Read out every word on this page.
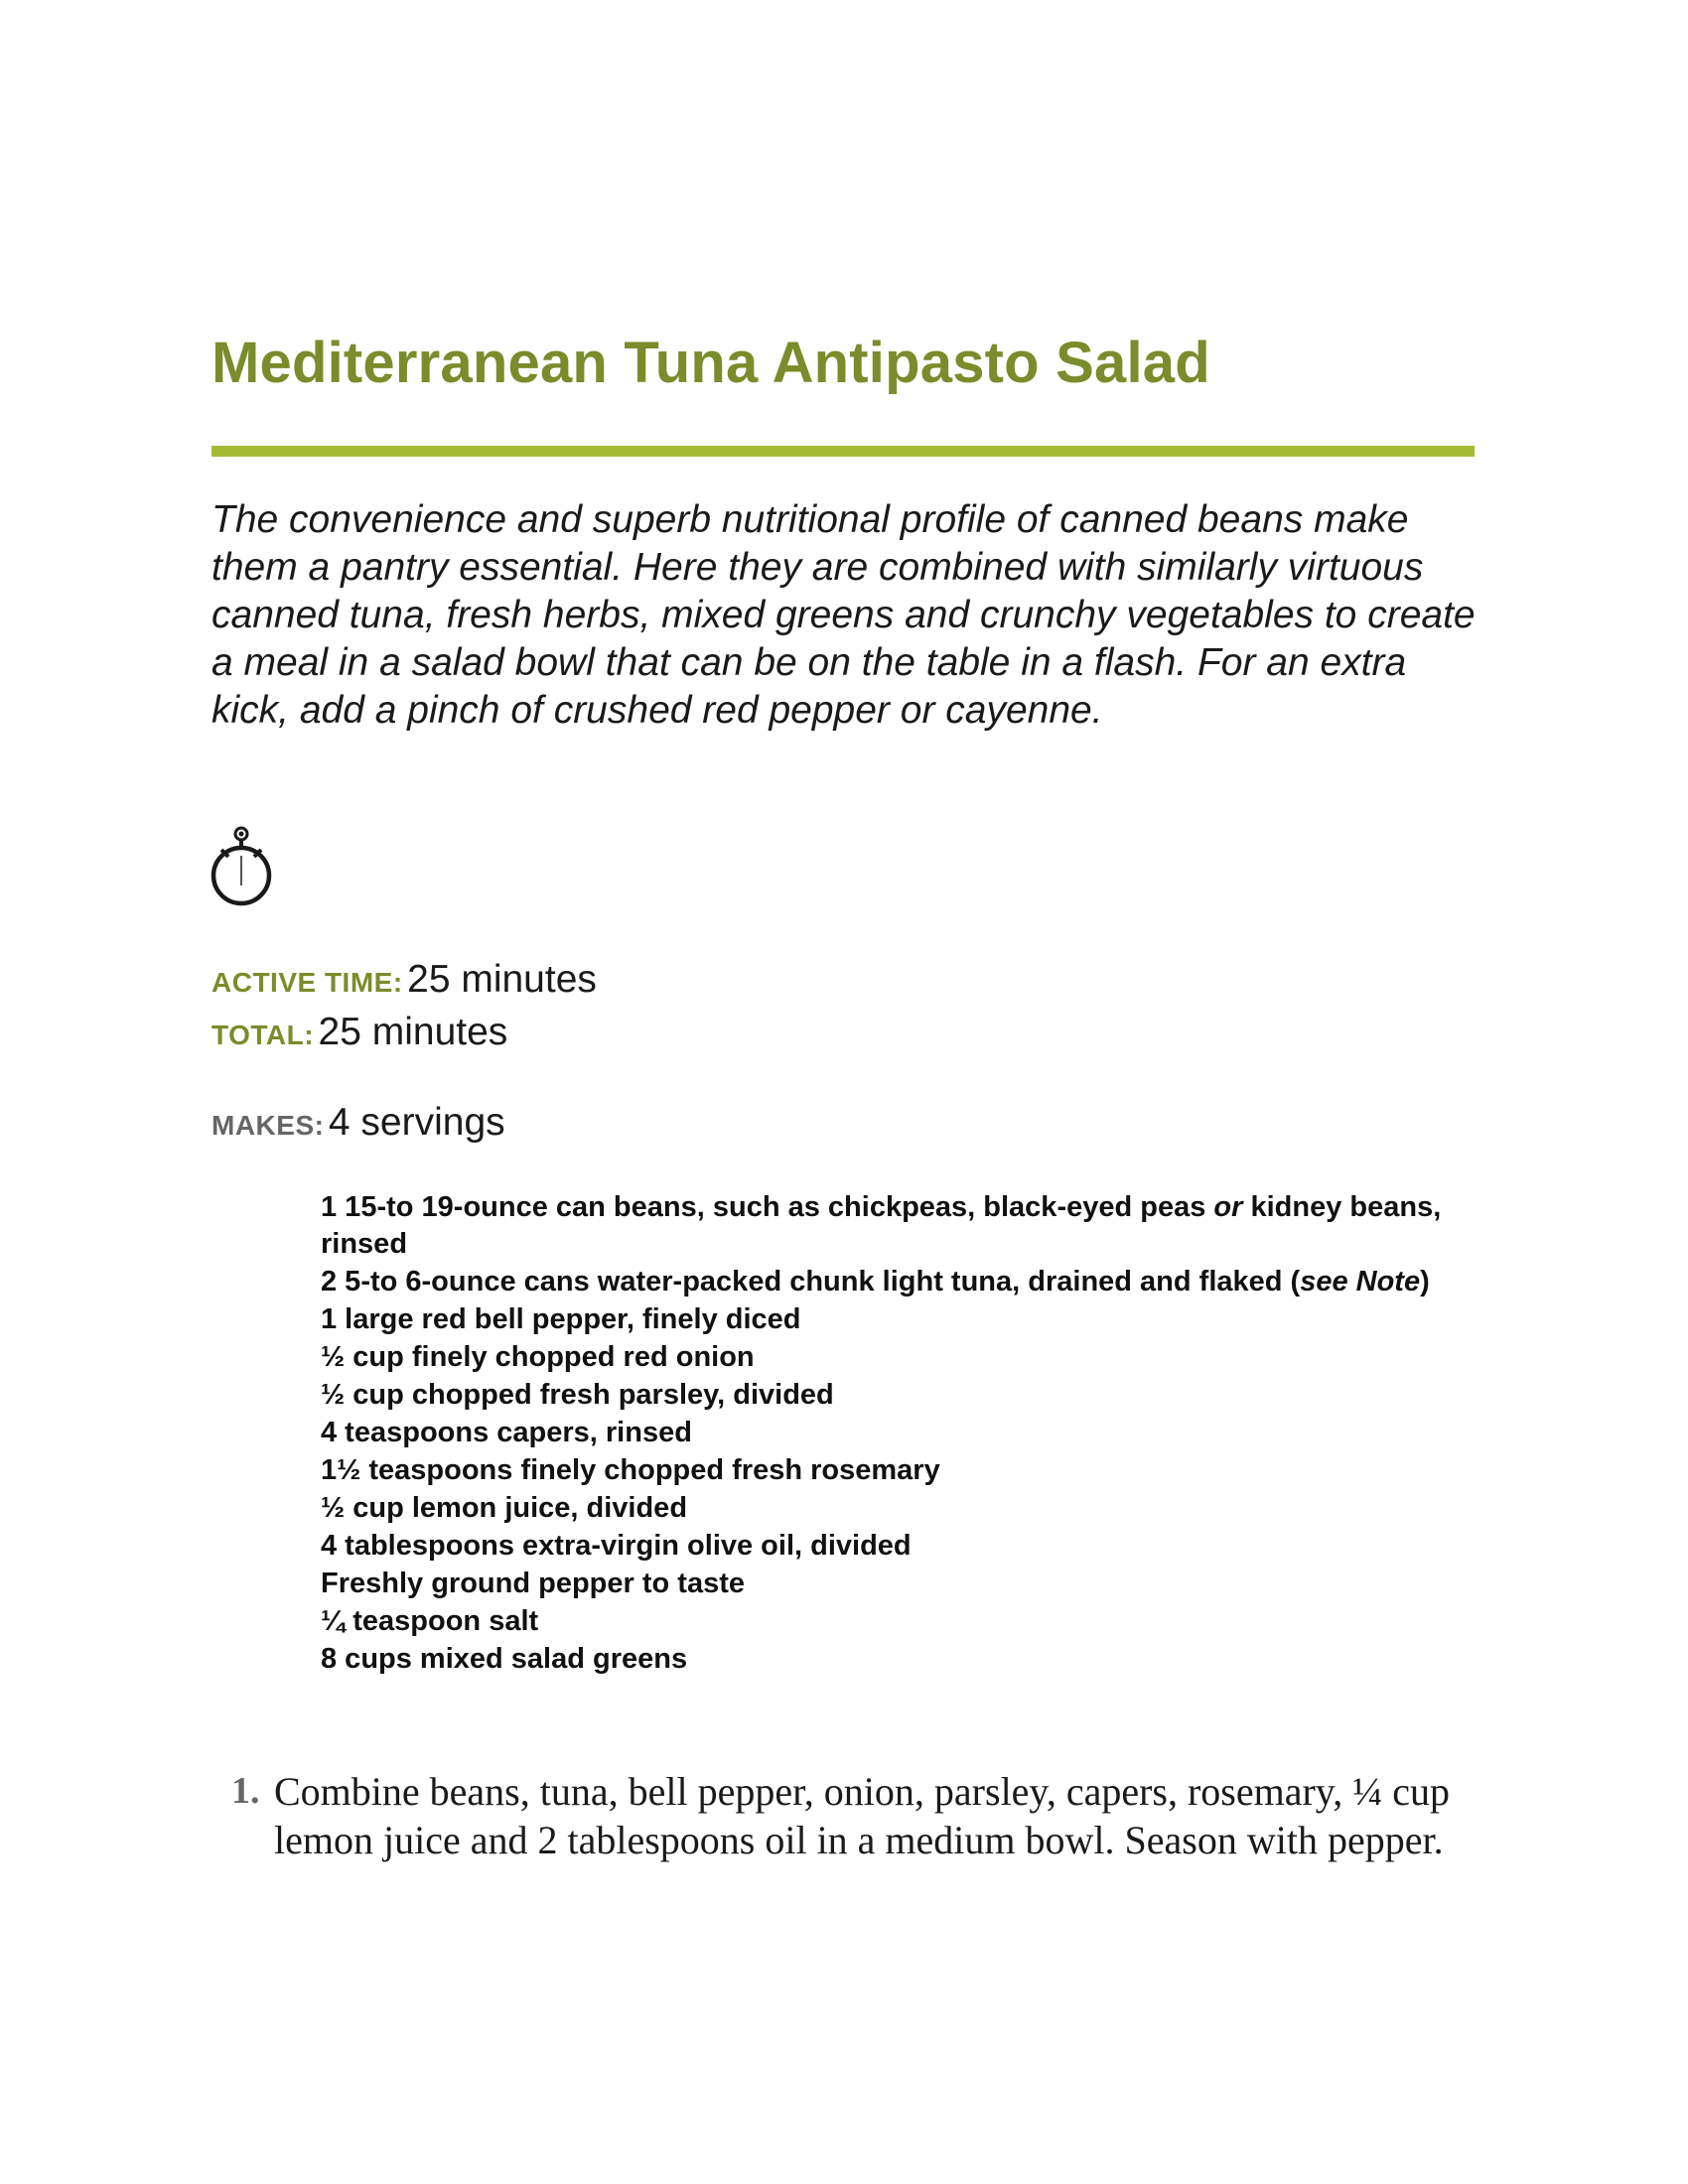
Mediterranean Tuna Antipasto Salad

The convenience and superb nutritional profile of canned beans make them a pantry essential. Here they are combined with similarly virtuous canned tuna, fresh herbs, mixed greens and crunchy vegetables to create a meal in a salad bowl that can be on the table in a flash. For an extra kick, add a pinch of crushed red pepper or cayenne.

ACTIVE TIME: 25 minutes
TOTAL: 25 minutes
MAKES: 4 servings
1 15-to 19-ounce can beans, such as chickpeas, black-eyed peas or kidney beans, rinsed
2 5-to 6-ounce cans water-packed chunk light tuna, drained and flaked (see Note)
1 large red bell pepper, finely diced
½ cup finely chopped red onion
½ cup chopped fresh parsley, divided
4 teaspoons capers, rinsed
1½ teaspoons finely chopped fresh rosemary
½ cup lemon juice, divided
4 tablespoons extra-virgin olive oil, divided
Freshly ground pepper to taste
¼ teaspoon salt
8 cups mixed salad greens
1. Combine beans, tuna, bell pepper, onion, parsley, capers, rosemary, ¼ cup lemon juice and 2 tablespoons oil in a medium bowl. Season with pepper.
